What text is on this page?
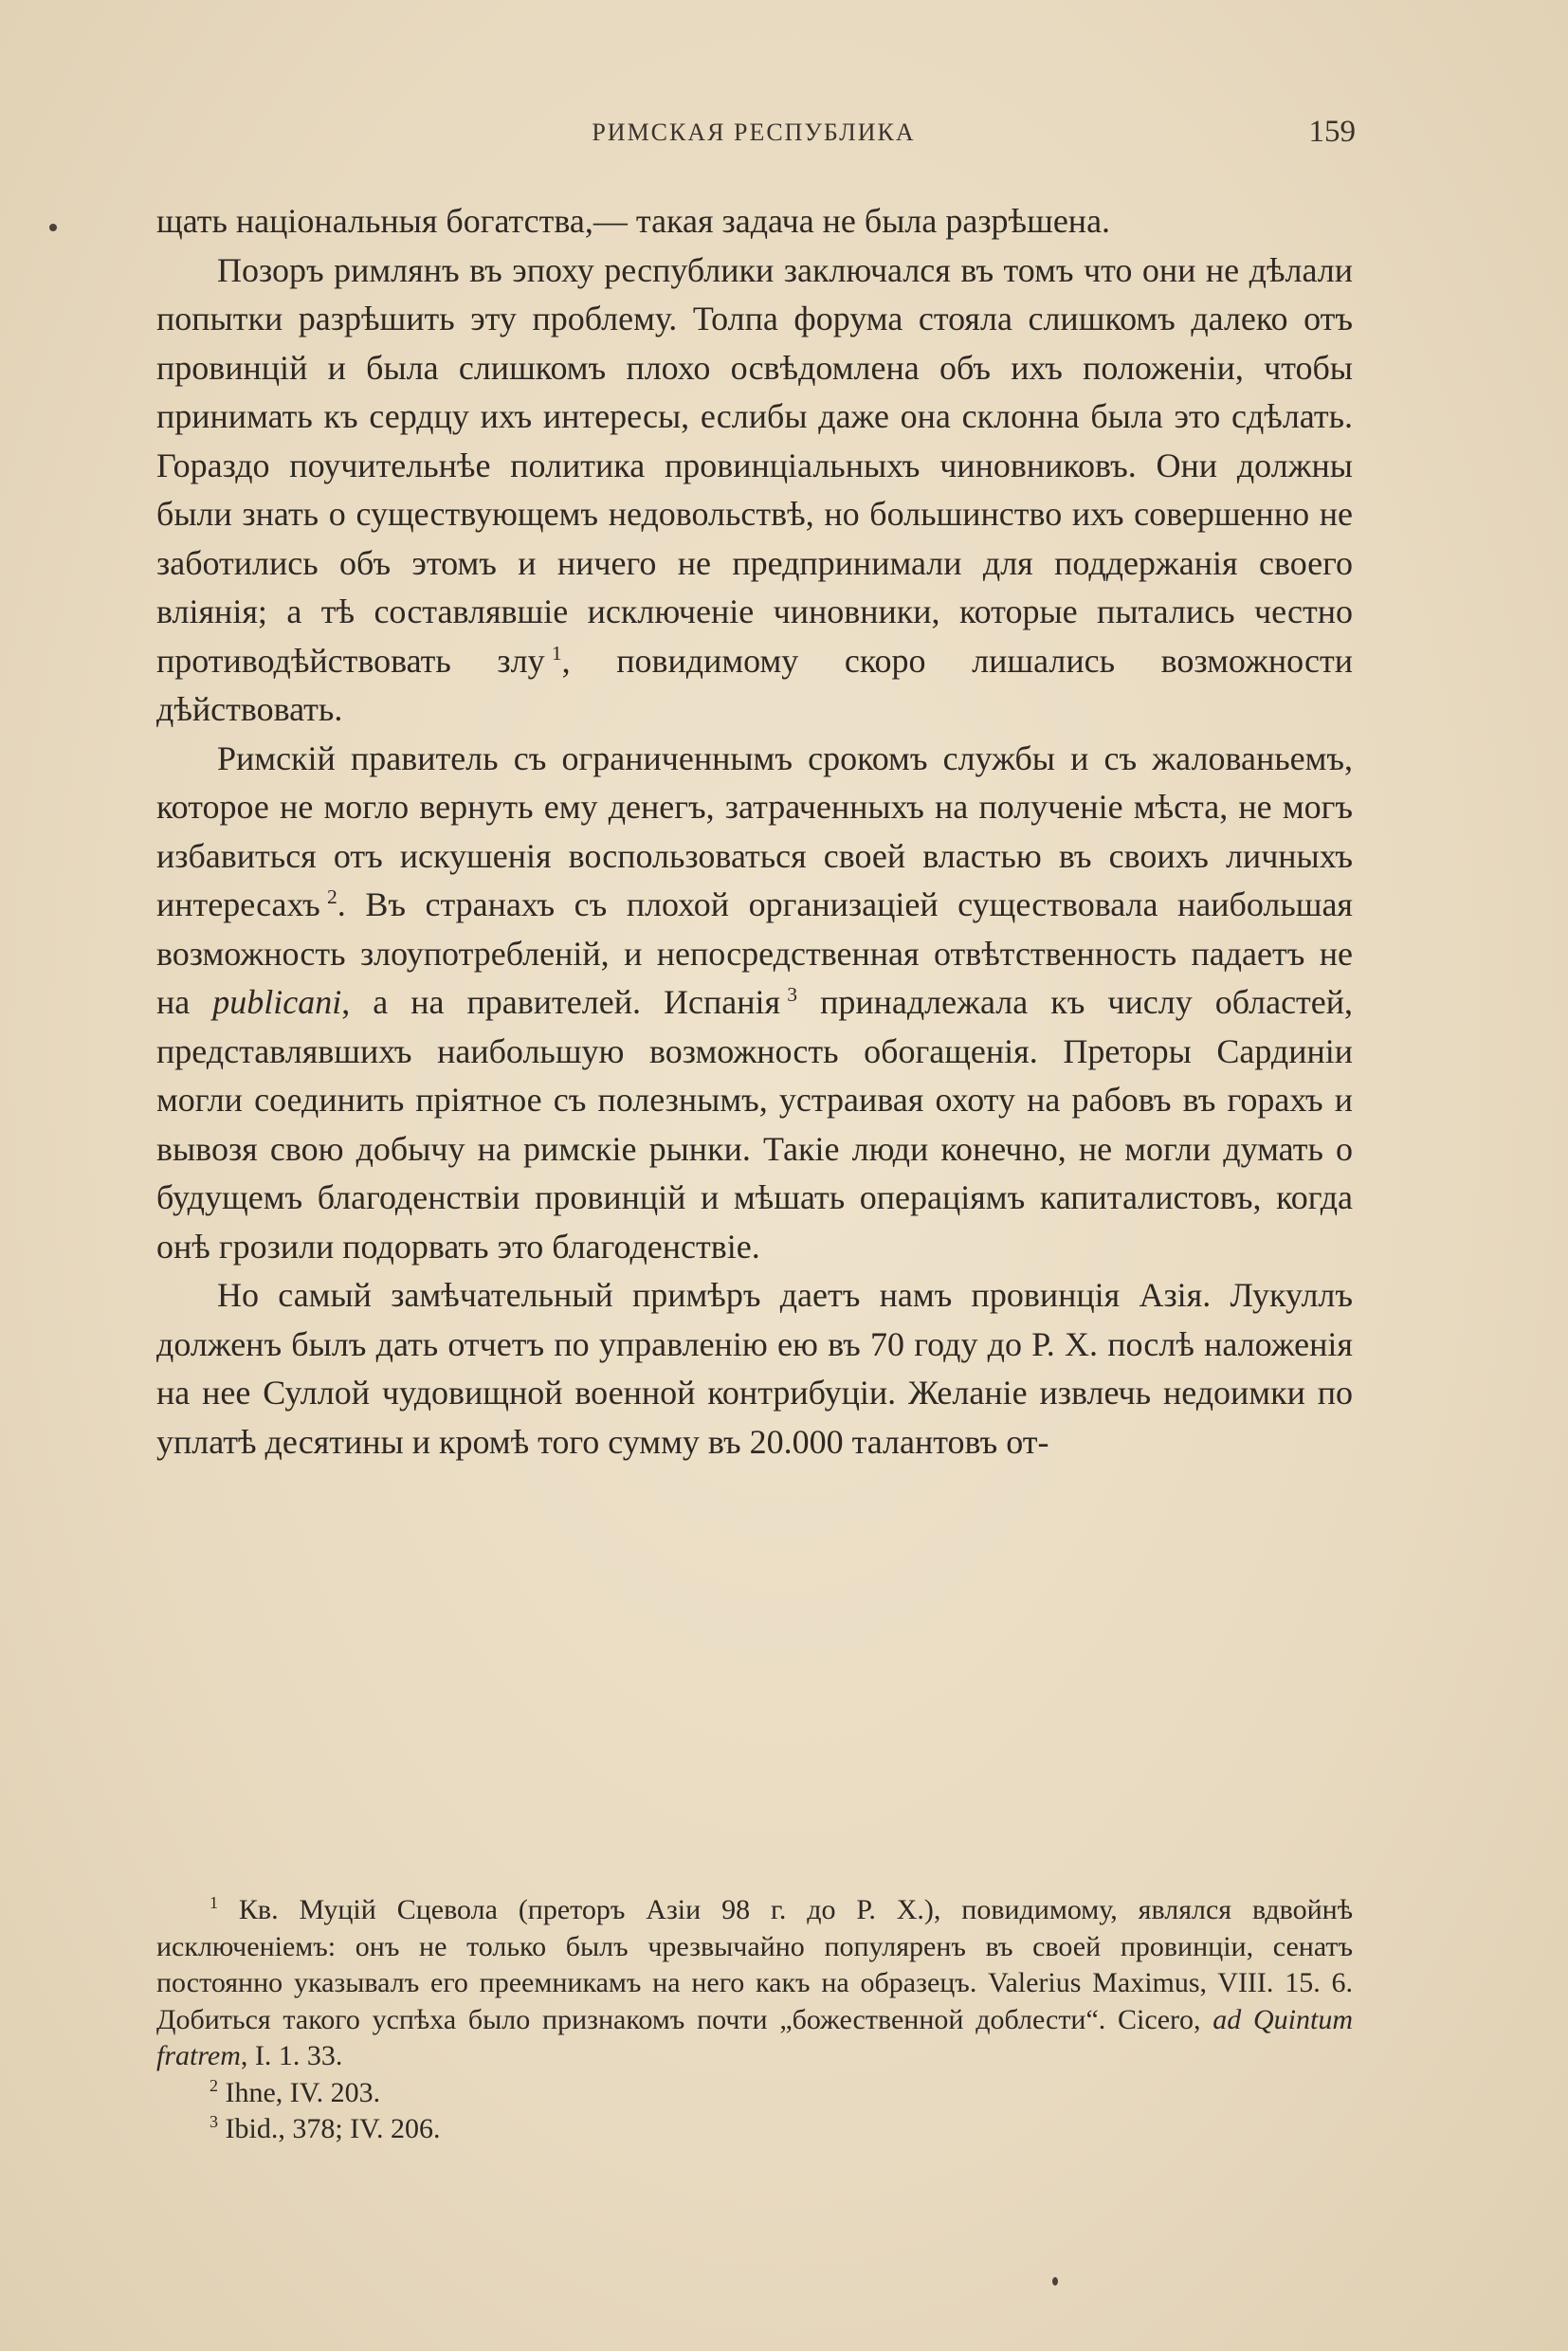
РИМСКАЯ РЕСПУБЛИКА	159

щать національныя богатства,— такая задача не была разрѣшена.

Позоръ римлянъ въ эпоху республики заключался въ томъ что они не дѣлали попытки разрѣшить эту проблему. Толпа форума стояла слишкомъ далеко отъ провинцій и была слишкомъ плохо освѣдомлена объ ихъ положеніи, чтобы принимать къ сердцу ихъ интересы, еслибы даже она склонна была это сдѣлать. Гораздо поучительнѣе политика провинціальныхъ чиновниковъ. Они должны были знать о существующемъ недовольствѣ, но большинство ихъ совершенно не заботились объ этомъ и ничего не предпринимали для поддержанія своего вліянія; а тѣ составлявшіе исключеніе чиновники, которые пытались честно противодѣйствовать злу  $^1$, повидимому скоро лишались возможности дѣйствовать.

Римскій правитель съ ограниченнымъ срокомъ службы и съ жалованьемъ, которое не могло вернуть ему денегъ, затраченныхъ на полученіе мѣста, не могъ избавиться отъ искушенія воспользоваться своей властью въ своихъ личныхъ интересахъ  $^2$. Въ странахъ съ плохой организаціей существовала наибольшая возможность злоупотребленій, и непосредственная отвѣтственность падаетъ не на publicani, а на правителей. Испанія  $^3$ принадлежала къ числу областей, представлявшихъ наибольшую возможность обогащенія. Преторы Сардиніи могли соединить пріятное съ полезнымъ, устраивая охоту на рабовъ въ горахъ и вывозя свою добычу на римскіе рынки. Такіе люди конечно, не могли думать о будущемъ благоденствіи провинцій и мѣшать операціямъ капиталистовъ, когда онѣ грозили подорвать это благоденствіе.

Но самый замѣчательный примѣръ даетъ намъ провинція Азія. Лукуллъ долженъ былъ дать отчетъ по управленію ею въ 70 году до Р. Х. послѣ наложенія на нее Суллой чудовищной военной контрибуціи. Желаніе извлечь недоимки по уплатѣ десятины и кромѣ того сумму въ 20.000 талантовъ от-

$^1$ Кв. Муцій Сцевола (преторъ Азіи 98 г. до Р. Х.), повидимому, являлся вдвойнѣ исключеніемъ: онъ не только былъ чрезвычайно популяренъ въ своей провинціи, сенатъ постоянно указывалъ его преемникамъ на него какъ на образецъ. Valerius Maximus, VIII. 15. 6. Добиться такого успѣха было признакомъ почти „божественной доблести“. Cicero, ad Quintum fratrem, I. 1. 33.

$^2$ Ihne, IV. 203.

$^3$ Ibid., 378; IV. 206.
